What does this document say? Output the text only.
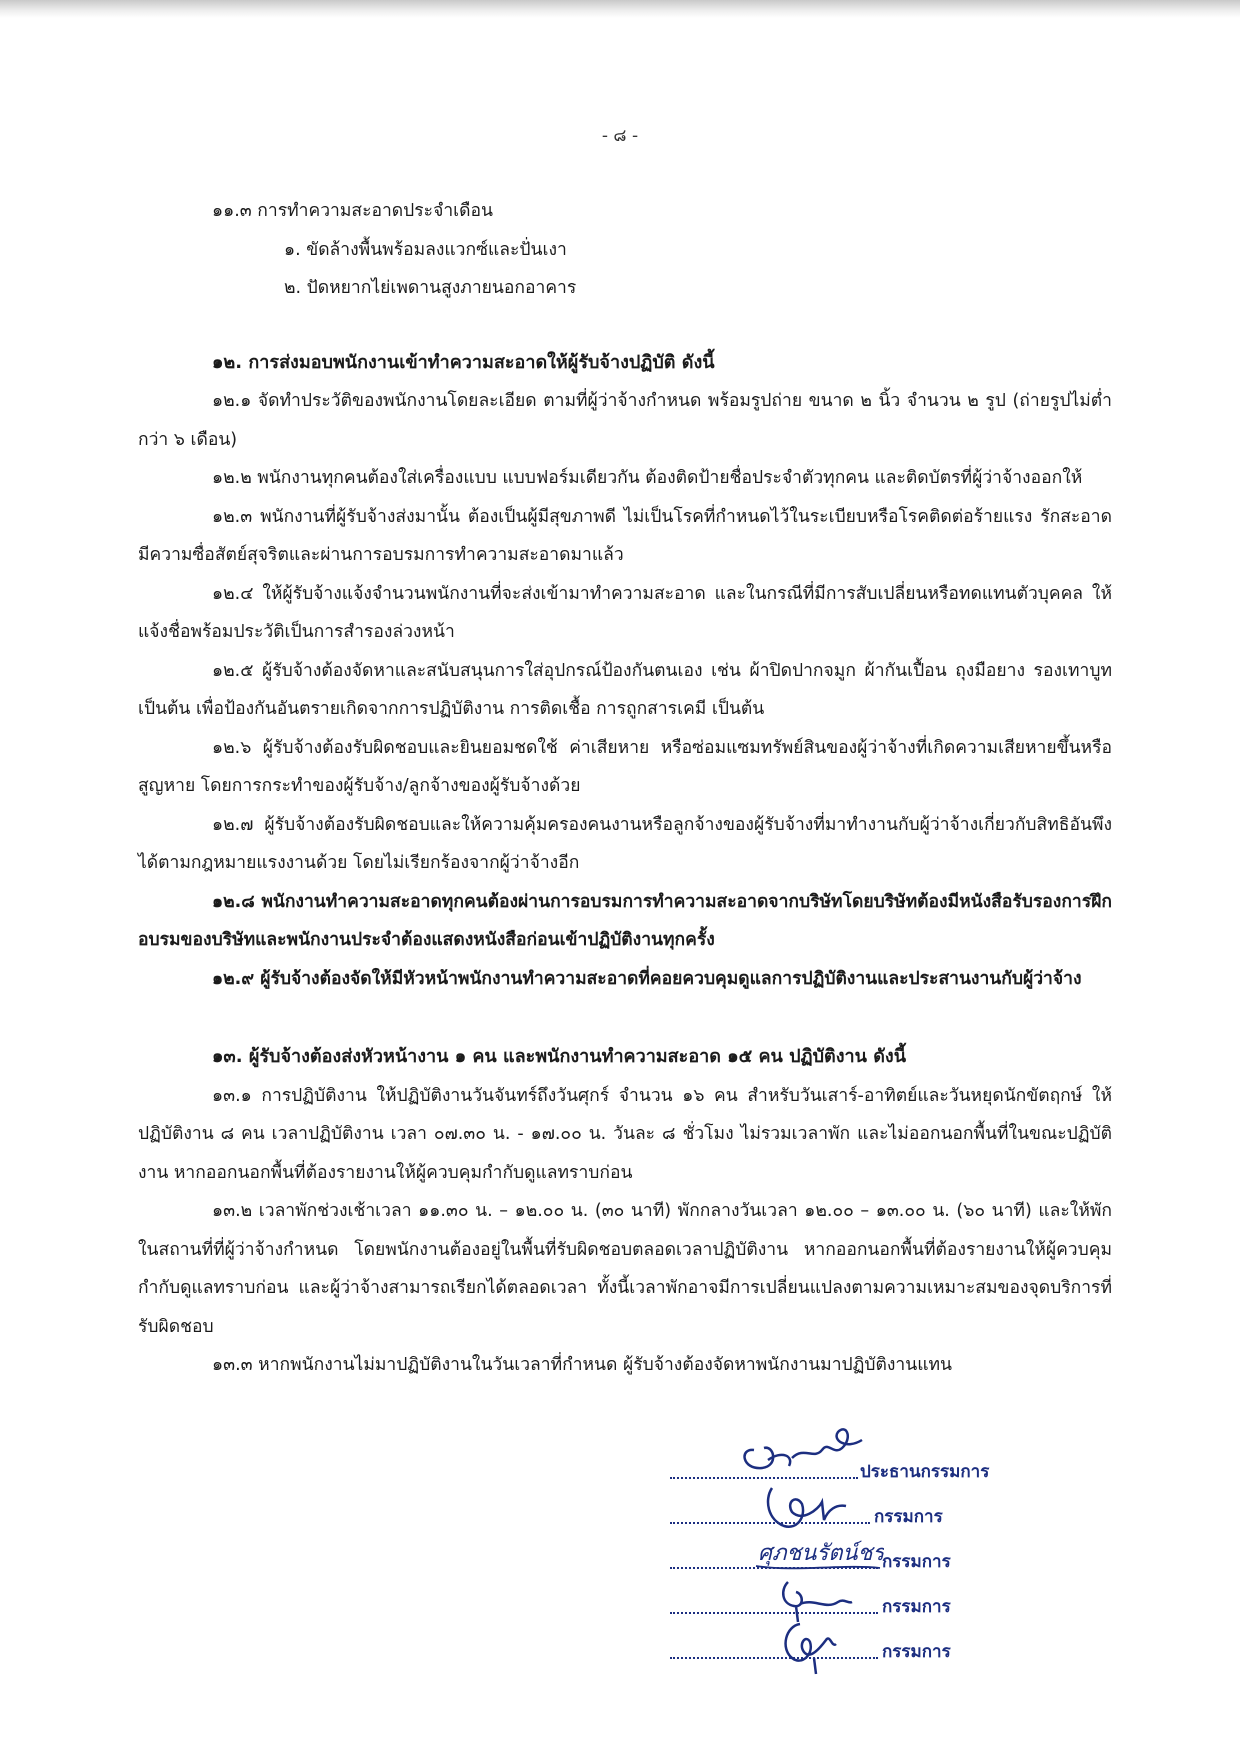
- ๘ -

๑๑.๓ การทำความสะอาดประจำเดือน

๑. ขัดล้างพื้นพร้อมลงแวกซ์และปั่นเงา

๒. ปัดหยากไย่เพดานสูงภายนอกอาคาร

๑๒. การส่งมอบพนักงานเข้าทำความสะอาดให้ผู้รับจ้างปฏิบัติ ดังนี้

๑๒.๑ จัดทำประวัติของพนักงานโดยละเอียด ตามที่ผู้ว่าจ้างกำหนด พร้อมรูปถ่าย ขนาด ๒ นิ้ว จำนวน ๒ รูป (ถ่ายรูปไม่ต่ำกว่า ๖ เดือน)

๑๒.๒ พนักงานทุกคนต้องใส่เครื่องแบบ แบบฟอร์มเดียวกัน ต้องติดป้ายชื่อประจำตัวทุกคน และติดบัตรที่ผู้ว่าจ้างออกให้

๑๒.๓ พนักงานที่ผู้รับจ้างส่งมานั้น ต้องเป็นผู้มีสุขภาพดี ไม่เป็นโรคที่กำหนดไว้ในระเบียบหรือโรคติดต่อร้ายแรง รักสะอาด มีความซื่อสัตย์สุจริตและผ่านการอบรมการทำความสะอาดมาแล้ว

๑๒.๔ ให้ผู้รับจ้างแจ้งจำนวนพนักงานที่จะส่งเข้ามาทำความสะอาด และในกรณีที่มีการสับเปลี่ยนหรือทดแทนตัวบุคคล ให้แจ้งชื่อพร้อมประวัติเป็นการสำรองล่วงหน้า

๑๒.๕ ผู้รับจ้างต้องจัดหาและสนับสนุนการใส่อุปกรณ์ป้องกันตนเอง เช่น ผ้าปิดปากจมูก ผ้ากันเปื้อน ถุงมือยาง รองเทาบูท เป็นต้น เพื่อป้องกันอันตรายเกิดจากการปฏิบัติงาน การติดเชื้อ การถูกสารเคมี เป็นต้น

๑๒.๖ ผู้รับจ้างต้องรับผิดชอบและยินยอมชดใช้ ค่าเสียหาย หรือซ่อมแซมทรัพย์สินของผู้ว่าจ้างที่เกิดความเสียหายขึ้นหรือสูญหาย โดยการกระทำของผู้รับจ้าง/ลูกจ้างของผู้รับจ้างด้วย

๑๒.๗ ผู้รับจ้างต้องรับผิดชอบและให้ความคุ้มครองคนงานหรือลูกจ้างของผู้รับจ้างที่มาทำงานกับผู้ว่าจ้างเกี่ยวกับสิทธิอันพึงได้ตามกฎหมายแรงงานด้วย โดยไม่เรียกร้องจากผู้ว่าจ้างอีก

๑๒.๘ พนักงานทำความสะอาดทุกคนต้องผ่านการอบรมการทำความสะอาดจากบริษัทโดยบริษัทต้องมีหนังสือรับรองการฝึกอบรมของบริษัทและพนักงานประจำต้องแสดงหนังสือก่อนเข้าปฏิบัติงานทุกครั้ง

๑๒.๙ ผู้รับจ้างต้องจัดให้มีหัวหน้าพนักงานทำความสะอาดที่คอยควบคุมดูแลการปฏิบัติงานและประสานงานกับผู้ว่าจ้าง

๑๓. ผู้รับจ้างต้องส่งหัวหน้างาน ๑ คน และพนักงานทำความสะอาด ๑๕ คน ปฏิบัติงาน ดังนี้

๑๓.๑ การปฏิบัติงาน ให้ปฏิบัติงานวันจันทร์ถึงวันศุกร์ จำนวน ๑๖ คน สำหรับวันเสาร์-อาทิตย์และวันหยุดนักขัตฤกษ์ ให้ปฏิบัติงาน ๘ คน เวลาปฏิบัติงาน เวลา ๐๗.๓๐ น. - ๑๗.๐๐ น. วันละ ๘ ชั่วโมง ไม่รวมเวลาพัก และไม่ออกนอกพื้นที่ในขณะปฏิบัติงาน หากออกนอกพื้นที่ต้องรายงานให้ผู้ควบคุมกำกับดูแลทราบก่อน

๑๓.๒ เวลาพักช่วงเช้าเวลา ๑๑.๓๐ น. – ๑๒.๐๐ น. (๓๐ นาที) พักกลางวันเวลา ๑๒.๐๐ – ๑๓.๐๐ น. (๖๐ นาที) และให้พักในสถานที่ที่ผู้ว่าจ้างกำหนด โดยพนักงานต้องอยู่ในพื้นที่รับผิดชอบตลอดเวลาปฏิบัติงาน หากออกนอกพื้นที่ต้องรายงานให้ผู้ควบคุมกำกับดูแลทราบก่อน และผู้ว่าจ้างสามารถเรียกได้ตลอดเวลา ทั้งนี้เวลาพักอาจมีการเปลี่ยนแปลงตามความเหมาะสมของจุดบริการที่รับผิดชอบ

๑๓.๓ หากพนักงานไม่มาปฏิบัติงานในวันเวลาที่กำหนด ผู้รับจ้างต้องจัดหาพนักงานมาปฏิบัติงานแทน

ประธานกรรมการ
กรรมการ
ศุภชนรัตน์ชร
กรรมการ
กรรมการ
กรรมการ
